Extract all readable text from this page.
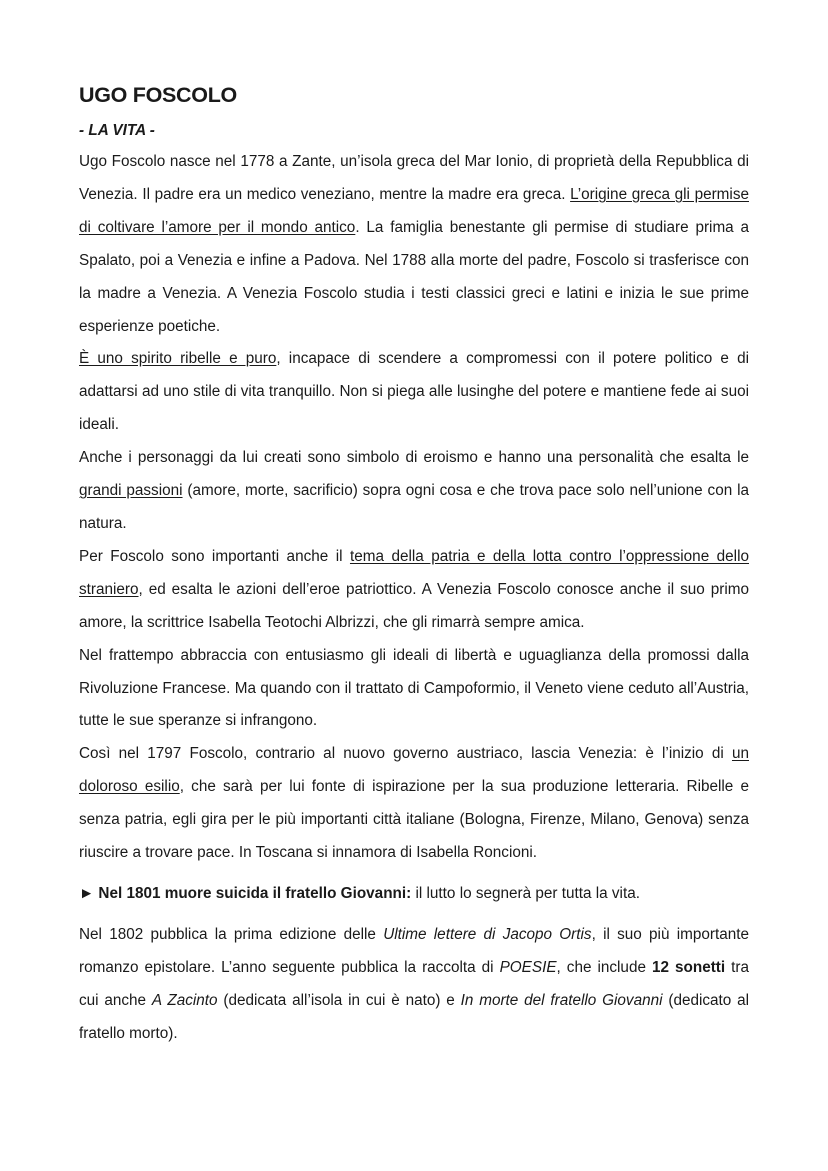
UGO FOSCOLO
- LA VITA -

Ugo Foscolo nasce nel 1778 a Zante, un’isola greca del Mar Ionio, di proprietà della Repubblica di Venezia. Il padre era un medico veneziano, mentre la madre era greca. L’origine greca gli permise di coltivare l’amore per il mondo antico. La famiglia benestante gli permise di studiare prima a Spalato, poi a Venezia e infine a Padova. Nel 1788 alla morte del padre, Foscolo si trasferisce con la madre a Venezia. A Venezia Foscolo studia i testi classici greci e latini e inizia le sue prime esperienze poetiche.

È uno spirito ribelle e puro, incapace di scendere a compromessi con il potere politico e di adattarsi ad uno stile di vita tranquillo. Non si piega alle lusinghe del potere e mantiene fede ai suoi ideali.

Anche i personaggi da lui creati sono simbolo di eroismo e hanno una personalità che esalta le grandi passioni (amore, morte, sacrificio) sopra ogni cosa e che trova pace solo nell’unione con la natura.

Per Foscolo sono importanti anche il tema della patria e della lotta contro l’oppressione dello straniero, ed esalta le azioni dell’eroe patriottico. A Venezia Foscolo conosce anche il suo primo amore, la scrittrice Isabella Teotochi Albrizzi, che gli rimarrà sempre amica.

Nel frattempo abbraccia con entusiasmo gli ideali di libertà e uguaglianza della promossi dalla Rivoluzione Francese. Ma quando con il trattato di Campoformio, il Veneto viene ceduto all’Austria, tutte le sue speranze si infrangono.

Così nel 1797 Foscolo, contrario al nuovo governo austriaco, lascia Venezia: è l’inizio di un doloroso esilio, che sarà per lui fonte di ispirazione per la sua produzione letteraria. Ribelle e senza patria, egli gira per le più importanti città italiane (Bologna, Firenze, Milano, Genova) senza riuscire a trovare pace. In Toscana si innamora di Isabella Roncioni.

► Nel 1801 muore suicida il fratello Giovanni: il lutto lo segnerà per tutta la vita.

Nel 1802 pubblica la prima edizione delle Ultime lettere di Jacopo Ortis, il suo più importante romanzo epistolare. L’anno seguente pubblica la raccolta di POESIE, che include 12 sonetti tra cui anche A Zacinto (dedicata all’isola in cui è nato) e In morte del fratello Giovanni (dedicato al fratello morto).
